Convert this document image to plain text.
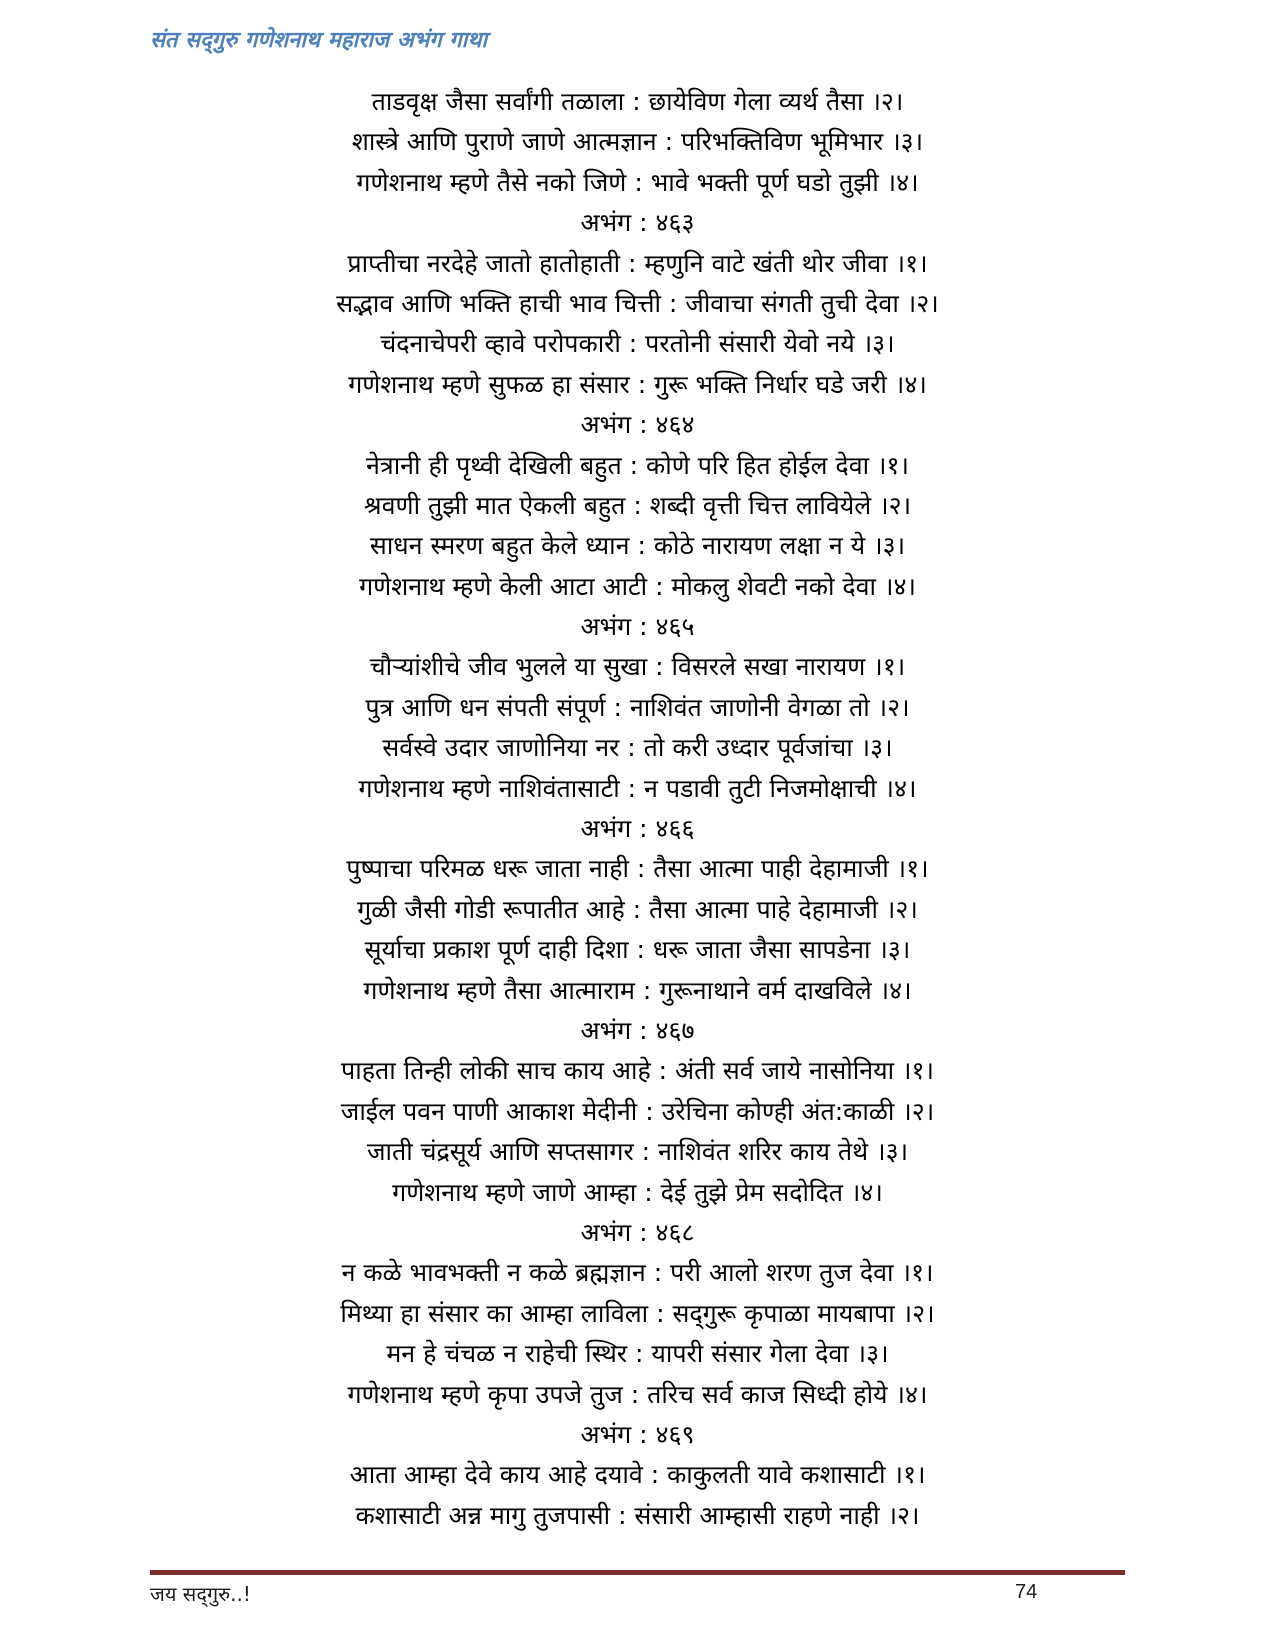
संत सद्‌गुरु गणेशनाथ महाराज अभंग गाथा
ताडवृक्ष जैसा सर्वांगी तळाला : छायेविण गेला व्यर्थ तैसा ।२।
शास्त्रे आणि पुराणे जाणे आत्मज्ञान : परिभक्तिविण भूमिभार ।३।
गणेशनाथ म्हणे तैसे नको जिणे : भावे भक्ती पूर्ण घडो तुझी ।४।
अभंग : ४६३
प्राप्तीचा नरदेहे जातो हातोहाती : म्हणुनि वाटे खंती थोर जीवा ।१।
सद्भाव आणि भक्ति हाची भाव चित्ती : जीवाचा संगती तुची देवा ।२।
चंदनाचेपरी व्हावे परोपकारी : परतोनी संसारी येवो नये ।३।
गणेशनाथ म्हणे सुफळ हा संसार : गुरू भक्ति निर्धार घडे जरी ।४।
अभंग : ४६४
नेत्रानी ही पृथ्वी देखिली बहुत : कोणे परि हित होईल देवा ।१।
श्रवणी तुझी मात ऐकली बहुत : शब्दी वृत्ती चित्त लावियेले ।२।
साधन स्मरण बहुत केले ध्यान : कोठे नारायण लक्षा न ये ।३।
गणेशनाथ म्हणे केली आटा आटी : मोकलु शेवटी नको देवा ।४।
अभंग : ४६५
चौऱ्यांशीचे जीव भुलले या सुखा : विसरले सखा नारायण ।१।
पुत्र आणि धन संपती संपूर्ण : नाशिवंत जाणोनी वेगळा तो ।२।
सर्वस्वे उदार जाणोनिया नर : तो करी उध्दार पूर्वजांचा ।३।
गणेशनाथ म्हणे नाशिवंतासाटी : न पडावी तुटी निजमोक्षाची ।४।
अभंग : ४६६
पुष्पाचा परिमळ धरू जाता नाही : तैसा आत्मा पाही देहामाजी ।१।
गुळी जैसी गोडी रूपातीत आहे : तैसा आत्मा पाहे देहामाजी ।२।
सूर्याचा प्रकाश पूर्ण दाही दिशा : धरू जाता जैसा सापडेना ।३।
गणेशनाथ म्हणे तैसा आत्माराम : गुरूनाथाने वर्म दाखविले ।४।
अभंग : ४६७
पाहता तिन्ही लोकी साच काय आहे : अंती सर्व जाये नासोनिया ।१।
जाईल पवन पाणी आकाश मेदीनी : उरेचिना कोण्ही अंत:काळी ।२।
जाती चंद्रसूर्य आणि सप्तसागर : नाशिवंत शरिर काय तेथे ।३।
गणेशनाथ म्हणे जाणे आम्हा : देई तुझे प्रेम सदोदित ।४।
अभंग : ४६८
न कळे भावभक्ती न कळे ब्रह्मज्ञान : परी आलो शरण तुज देवा ।१।
मिथ्या हा संसार का आम्हा लाविला : सद्‌गुरू कृपाळा मायबापा ।२।
मन हे चंचळ न राहेची स्थिर : यापरी संसार गेला देवा ।३।
गणेशनाथ म्हणे कृपा उपजे तुज : तरिच सर्व काज सिध्दी होये ।४।
अभंग : ४६९
आता आम्हा देवे काय आहे दयावे : काकुलती यावे कशासाटी ।१।
कशासाटी अन्न मागु तुजपासी : संसारी आम्हासी राहणे नाही ।२।
जय सद्‌गुरु..!	74
